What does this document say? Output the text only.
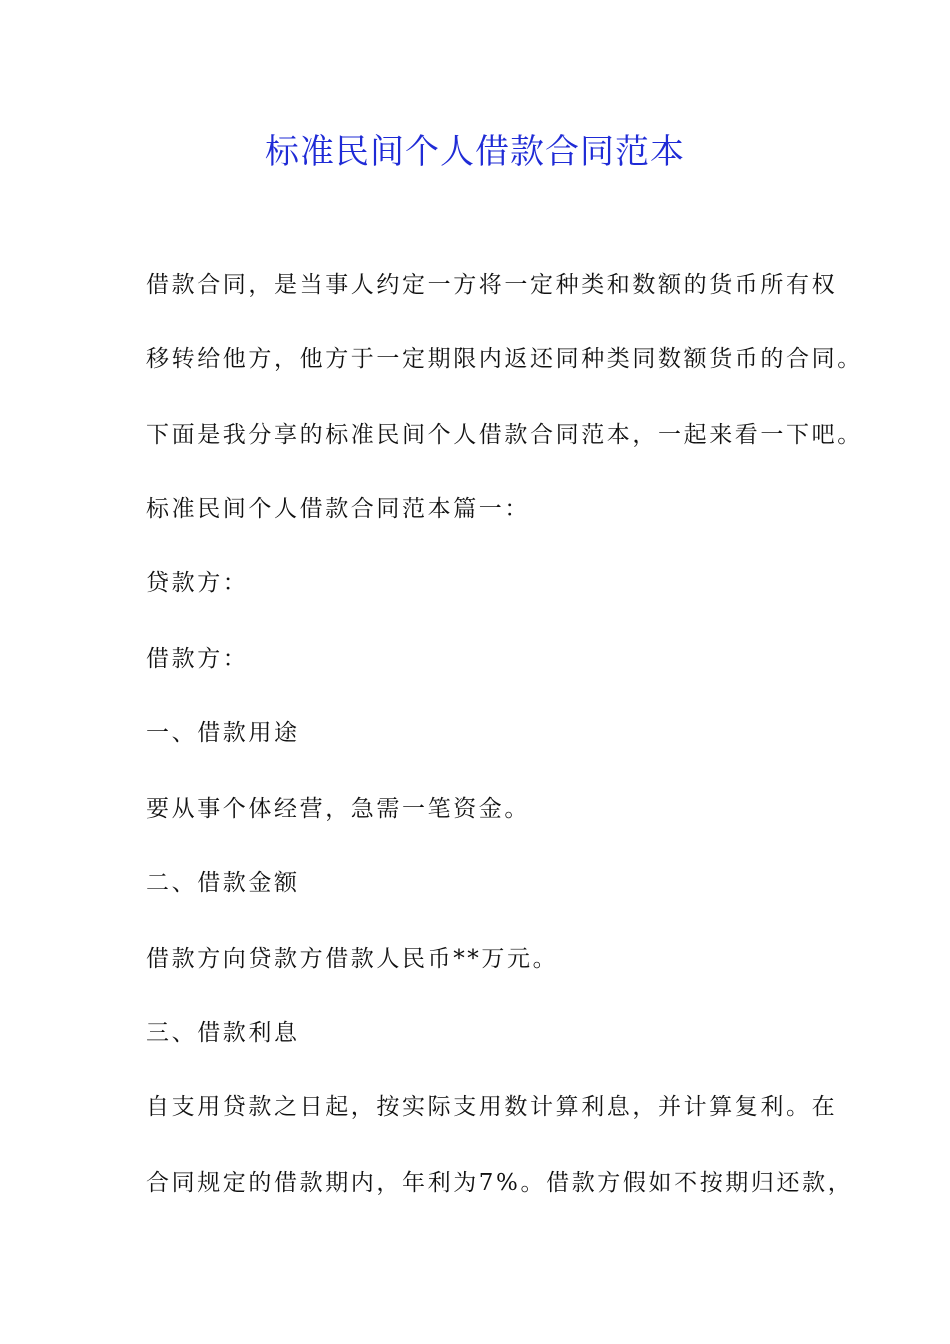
标准民间个人借款合同范本

借款合同，是当事人约定一方将一定种类和数额的货币所有权

移转给他方，他方于一定期限内返还同种类同数额货币的合同。

下面是我分享的标准民间个人借款合同范本，一起来看一下吧。

标准民间个人借款合同范本篇一：

贷款方：

借款方：

一、借款用途

要从事个体经营，急需一笔资金。

二、借款金额

借款方向贷款方借款人民币**万元。

三、借款利息

自支用贷款之日起，按实际支用数计算利息，并计算复利。在

合同规定的借款期内，年利为7%。借款方假如不按期归还款，
